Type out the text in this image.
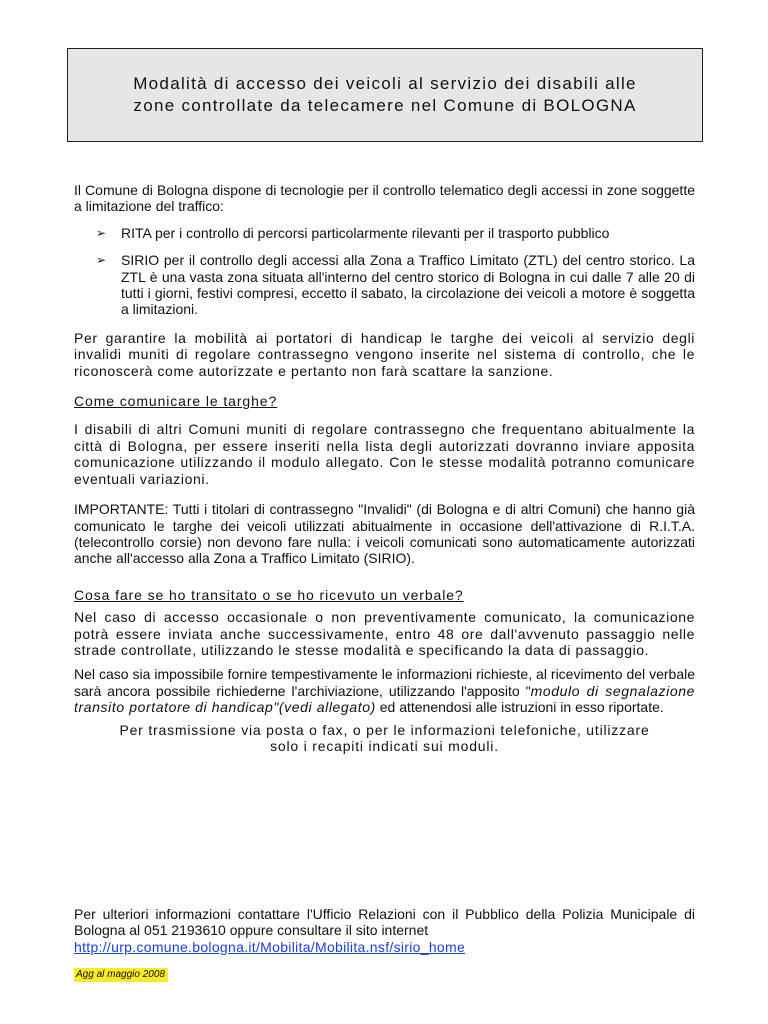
Modalità di accesso dei veicoli al servizio dei disabili alle
zone controllate da telecamere nel Comune di BOLOGNA

Il Comune di Bologna dispone di tecnologie per il controllo telematico degli accessi in zone soggette a limitazione del traffico:

➢ RITA per i controllo di percorsi particolarmente rilevanti per il trasporto pubblico
➢ SIRIO per il controllo degli accessi alla Zona a Traffico Limitato (ZTL) del centro storico. La ZTL è una vasta zona situata all'interno del centro storico di Bologna in cui dalle 7 alle 20 di tutti i giorni, festivi compresi, eccetto il sabato, la circolazione dei veicoli a motore è soggetta a limitazioni.

Per garantire la mobilità ai portatori di handicap le targhe dei veicoli al servizio degli invalidi muniti di regolare contrassegno vengono inserite nel sistema di controllo, che le riconoscerà come autorizzate e pertanto non farà scattare la sanzione.

Come comunicare le targhe?

I disabili di altri Comuni muniti di regolare contrassegno che frequentano abitualmente la città di Bologna, per essere inseriti nella lista degli autorizzati dovranno inviare apposita comunicazione utilizzando il modulo allegato. Con le stesse modalità potranno comunicare eventuali variazioni.

IMPORTANTE: Tutti i titolari di contrassegno "Invalidi" (di Bologna e di altri Comuni) che hanno già comunicato le targhe dei veicoli utilizzati abitualmente in occasione dell'attivazione di R.I.T.A. (telecontrollo corsie) non devono fare nulla: i veicoli comunicati sono automaticamente autorizzati anche all'accesso alla Zona a Traffico Limitato (SIRIO).

Cosa fare se ho transitato o se ho ricevuto un verbale?

Nel caso di accesso occasionale o non preventivamente comunicato, la comunicazione potrà essere inviata anche successivamente, entro 48 ore dall'avvenuto passaggio nelle strade controllate, utilizzando le stesse modalità e specificando la data di passaggio.

Nel caso sia impossibile fornire tempestivamente le informazioni richieste, al ricevimento del verbale sarà ancora possibile richiederne l'archiviazione, utilizzando l'apposito "modulo di segnalazione transito portatore di handicap"(vedi allegato) ed attenendosi alle istruzioni in esso riportate.

Per trasmissione via posta o fax, o per le informazioni telefoniche, utilizzare
solo i recapiti indicati sui moduli.

Per ulteriori informazioni contattare l'Ufficio Relazioni con il Pubblico della Polizia Municipale di Bologna al 051 2193610 oppure consultare il sito internet
http://urp.comune.bologna.it/Mobilita/Mobilita.nsf/sirio_home
Agg al maggio 2008
